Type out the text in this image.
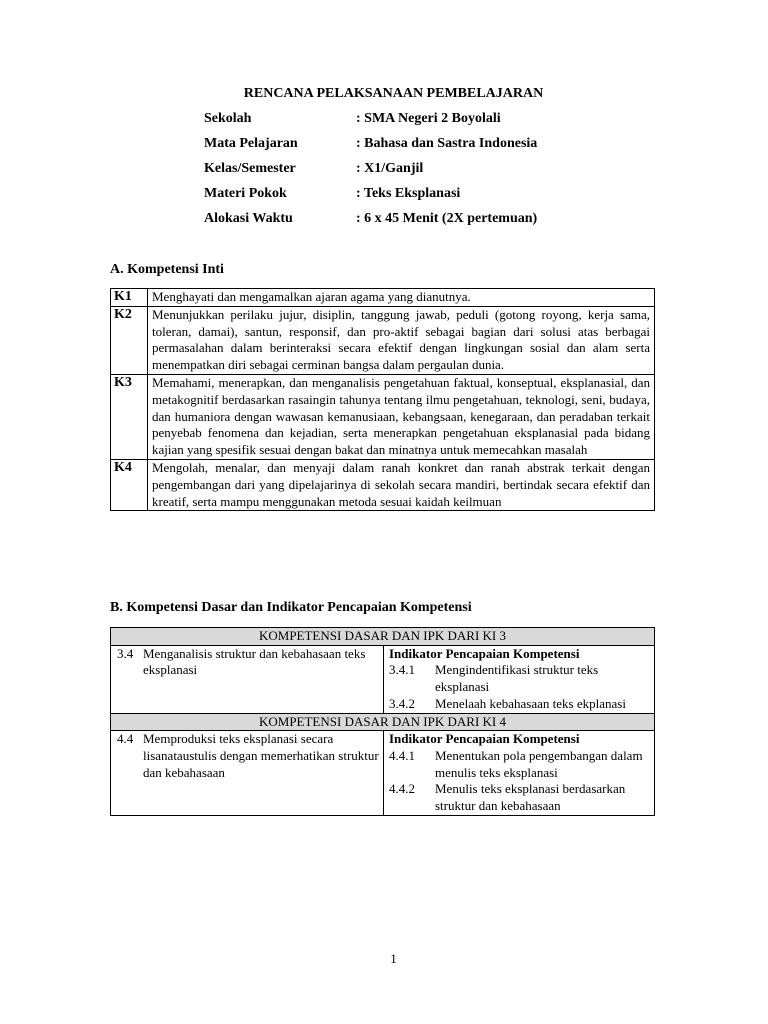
RENCANA PELAKSANAAN PEMBELAJARAN
Sekolah	: SMA Negeri 2 Boyolali
Mata Pelajaran	: Bahasa dan Sastra Indonesia
Kelas/Semester	: X1/Ganjil
Materi Pokok	: Teks Eksplanasi
Alokasi Waktu	: 6 x 45 Menit (2X pertemuan)
A. Kompetensi Inti
K1	Menghayati dan mengamalkan ajaran agama yang dianutnya.
K2	Menunjukkan perilaku jujur, disiplin, tanggung jawab, peduli (gotong royong, kerja sama, toleran, damai), santun, responsif, dan pro-aktif sebagai bagian dari solusi atas berbagai permasalahan dalam berinteraksi secara efektif dengan lingkungan sosial dan alam serta menempatkan diri sebagai cerminan bangsa dalam pergaulan dunia.
K3	Memahami, menerapkan, dan menganalisis pengetahuan faktual, konseptual, eksplanasial, dan metakognitif berdasarkan rasaingin tahunya tentang ilmu pengetahuan, teknologi, seni, budaya, dan humaniora dengan wawasan kemanusiaan, kebangsaan, kenegaraan, dan peradaban terkait penyebab fenomena dan kejadian, serta menerapkan pengetahuan eksplanasial pada bidang kajian yang spesifik sesuai dengan bakat dan minatnya untuk memecahkan masalah
K4	Mengolah, menalar, dan menyaji dalam ranah konkret dan ranah abstrak terkait dengan pengembangan dari yang dipelajarinya di sekolah secara mandiri, bertindak secara efektif dan kreatif, serta mampu menggunakan metoda sesuai kaidah keilmuan
B. Kompetensi Dasar dan Indikator Pencapaian Kompetensi
KOMPETENSI DASAR DAN IPK DARI KI 3	

3.4 Menganalisis struktur dan kebahasaan teks eksplanasi	Indikator Pencapaian Kompetensi
3.4.1 Mengindentifikasi struktur teks eksplanasi
3.4.2 Menelaah kebahasaan teks ekplanasi

KOMPETENSI DASAR DAN IPK DARI KI 4	

4.4 Memproduksi teks eksplanasi secara lisanataustulis dengan memerhatikan struktur dan kebahasaan	Indikator Pencapaian Kompetensi
4.4.1 Menentukan pola pengembangan dalam menulis teks eksplanasi
4.4.2 Menulis teks eksplanasi berdasarkan struktur dan kebahasaan
1
